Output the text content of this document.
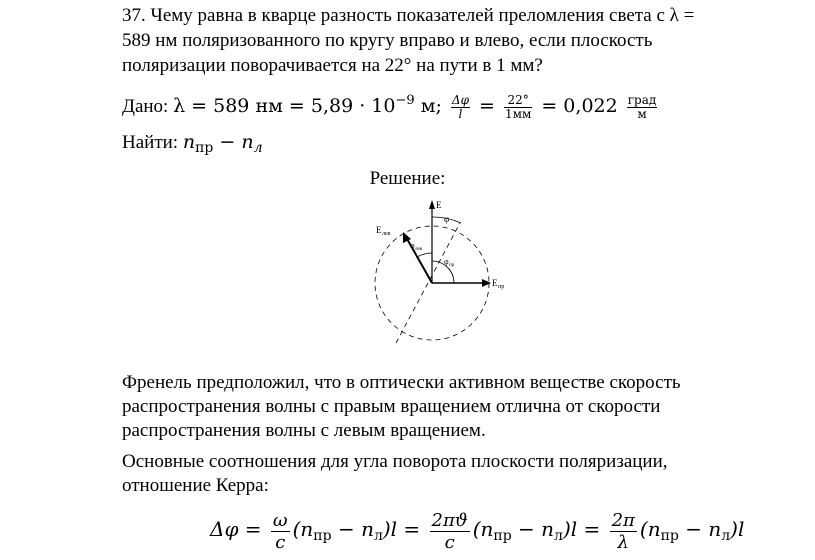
37. Чему равна в кварце разность показателей преломления света с λ =
589 нм поляризованного по кругу вправо и влево, если плоскость
поляризации поворачивается на 22° на пути в 1 мм?
Дано: λ = 589 нм = $5,89 \cdot 10^{-9}$ м; $\frac{\Delta\varphi}{l} = \frac{22^\circ}{1мм} = 0,022 \frac{\text{град}}{м}$
Найти: $n_{пр} - n_л$
Решение:
E
φ
E лев
φ лев
φ пр
E пр
Френель предположил, что в оптически активном веществе скорость
распространения волны с правым вращением отлична от скорости
распространения волны с левым вращением.
Основные соотношения для угла поворота плоскости поляризации,
отношение Керра:
$\Delta\varphi = \frac{\omega}{c} (n_{пр} - n_л)l = \frac{2\pi ϑ}{c} (n_{пр} - n_л)l = \frac{2\pi}{\lambda} (n_{пр} - n_л)l$
